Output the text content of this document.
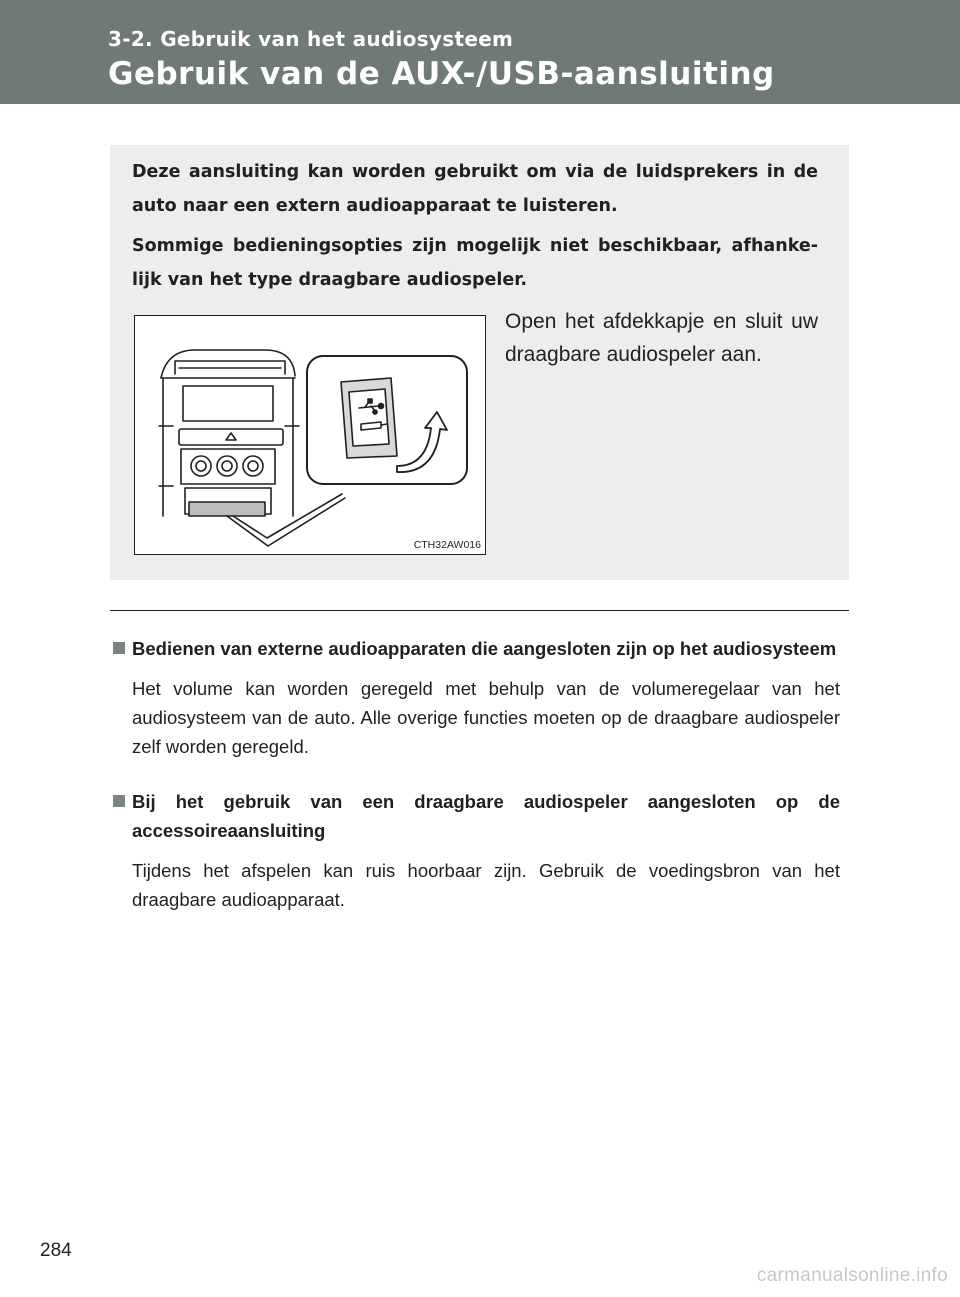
3-2. Gebruik van het audiosysteem
Gebruik van de AUX-/USB-aansluiting

Deze aansluiting kan worden gebruikt om via de luidsprekers in de auto naar een extern audioapparaat te luisteren.

Sommige bedieningsopties zijn mogelijk niet beschikbaar, afhanke-lijk van het type draagbare audiospeler.

CTH32AW016

Open het afdekkapje en sluit uw draagbare audiospeler aan.

Bedienen van externe audioapparaten die aangesloten zijn op het audiosysteem

Het volume kan worden geregeld met behulp van de volumeregelaar van het audiosysteem van de auto. Alle overige functies moeten op de draagbare audiospeler zelf worden geregeld.

Bij het gebruik van een draagbare audiospeler aangesloten op de accessoireaansluiting

Tijdens het afspelen kan ruis hoorbaar zijn. Gebruik de voedingsbron van het draagbare audioapparaat.

284
carmanualsonline.info
